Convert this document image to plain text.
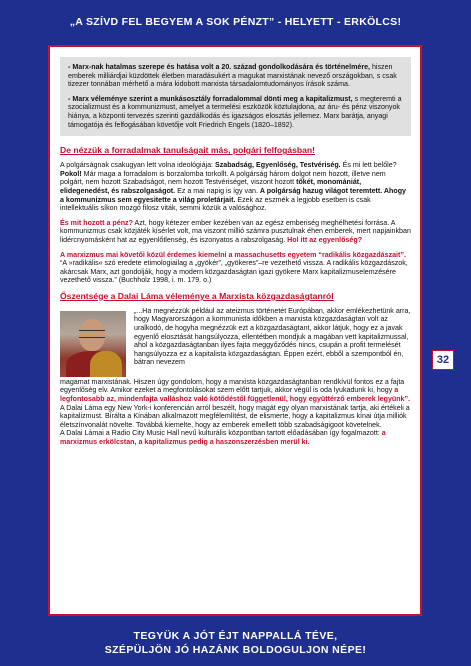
„A SZÍVD FEL BEGYEM A SOK PÉNZT” - HELYETT - ERKÖLCS!

- Marx-nak hatalmas szerepe és hatása volt a 20. század gondolkodására és történelmére, hiszen emberek milliárdjai küzdöttek életben maradásukért a magukat marxistának nevező országokban, s csak tizezer tonnában mérhető a mára kidobott marxista társadalomtudományos írások száma.

- Marx véleménye szerint a munkásosztály forradalommal dönti meg a kapitalizmust, s megteremti a szocializmust és a kommunizmust, amelyet a termelési eszközök köztulajdona, az áru- és pénz viszonyok hiánya, a központi tervezés szerinti gazdálkodás és igazságos elosztás jellemez. Marx barátja, anyagi támogatója és felfogásában követője volt Friedrich Engels (1820–1892).

De nézzük a forradalmak tanulságait más, polgári felfogásban!

A polgárságnak csakugyan lett volna ideológiája: Szabadság, Egyenlőség, Testvériség. És mi lett belőle? Pokol! Már maga a forradalom is borzalomba torkollt. A polgárság három dolgot nem hozott, illetve nem polgárt, nem hozott Szabadságot, nem hozott Testvériséget, viszont hozott tőkét, monomániát, elidegenedést, és rabszolgaságot. Ez a mai napig is így van. A polgárság hazug világot teremtett. Ahogy a kommunizmus sem egyesitette a világ proletárjait. Ezek az eszmék a legjobb esetben is csak intellektuális síkon mozgó filosz viták, semmi közük a valósághoz.

És mit hozott a pénz? Azt, hogy kétezer ember kezében van az egész emberiség meghélhetési forrása. A kommunizmus csak közjáték kísérlet volt, ma viszont millió számra pusztulnak éhen emberek, mert napjainkban lidércnyomásként hat az egyenlőtlenség, és iszonyatos a rabszolgaság. Hol itt az egyenlőség?

A marxizmus mai követői közül érdemes kiemelni a massachusetts egyetem “radikális közgazdászait”. “A »radikális« szó eredete etimologiailag a „gyökér”, „gyökeres”–re vezethető vissza. A radikális közgazdászok, akárcsak Marx, azt gondolják, hogy a modern közgazdaságtan igazi gyökere Marx kapitalizmuselemzésére vezethető vissza.” (Buchholz 1998, i. m. 179. o.)

Őszentsége a Dalai Láma véleménye a Marxista közgazdaságtanról

„...Ha megnézzük például az ateizmus történetét Európában, akkor emlékezhetünk arra, hogy Magyarországon a kommunista időkben a marxista közgazdaságtan volt az uralkodó, de hogyha megnézzük ezt a közgazdaságtant, akkor látjuk, hogy ez a javak egyenlő elosztását hangsúlyozza, ellentétben mondjuk a magában vett kapitalizmussal, ahol a közgazdaságtanban ilyes fajta meggyőződés nincs, csupán a profit termelését hangsúlyozza ez a kapitalista közgazdaságtan. Éppen ezért, ebből a szempontból én, bátran nevezem

magamat marxistának. Hiszen úgy gondolom, hogy a marxista közgazdaságtanban rendkívül fontos ez a fajta egyenlőség elv. Amikor ezeket a megfontolásokat szem előtt tartjuk, akkor végül is oda lyukadunk ki, hogy a legfontosabb az, mindenfajta valláshoz való kötődéstől függetlenül, hogy együttérző emberek legyünk”.
A Dalai Láma egy New York-i konferencián arról beszélt, hogy magát egy olyan marxistának tartja, aki értékeli a kapitalizmust. Bírálta a Kínában alkalmazott megfélemlítést, de elismerte, hogy a kapitalizmus kínai útja milliók életszínvonalát növelte. Továbbá kiemelte, hogy az emberek emellett több szabadságigoot követelnek.
A Dalai Lámai a Radio City Music Hall nevű kulturális központban tartott előadásában így fogalmazott: a marxizmus erkölcstan, a kapitalizmus pedig a haszonszerzésben merül ki.

32
TEGYÜK A JÓT ÉJT NAPPALLÁ TÉVE,
SZÉPÜLJÖN JÓ HAZÁNK BOLDOGULJON NÉPE!
